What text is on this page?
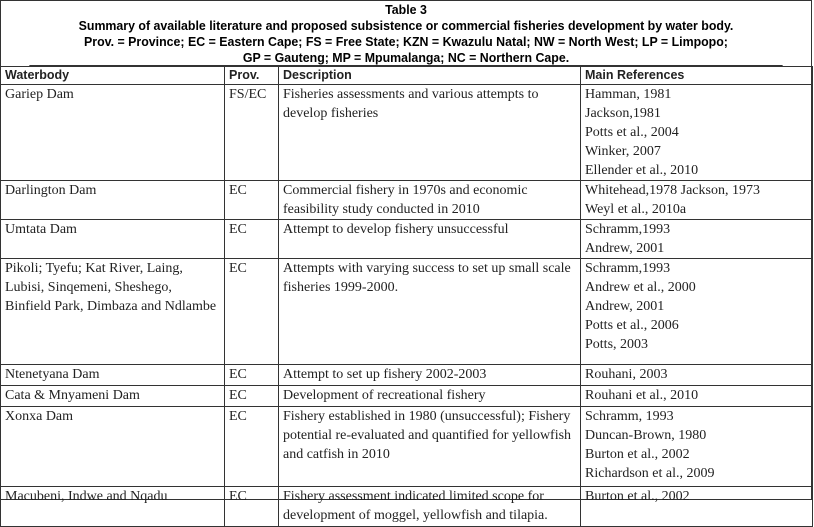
Table 3
Summary of available literature and proposed subsistence or commercial fisheries development by water body.
Prov. = Province; EC = Eastern Cape; FS = Free State; KZN = Kwazulu Natal; NW = North West; LP = Limpopo;
GP = Gauteng; MP = Mpumalanga; NC = Northern Cape.
Waterbody	Prov.	Description	Main References
Gariep Dam	FS/EC	Fisheries assessments and various attempts to develop fisheries	Hamman, 1981
Jackson,1981
Potts et al., 2004
Winker, 2007
Ellender et al., 2010

Darlington Dam	EC	Commercial fishery in 1970s and economic feasibility study conducted in 2010	Whitehead,1978 Jackson, 1973
Weyl et al., 2010a

Umtata Dam	EC	Attempt to develop fishery unsuccessful	Schramm,1993
Andrew, 2001

Pikoli; Tyefu; Kat River, Laing, Lubisi, Sinqemeni, Sheshego, Binfield Park, Dimbaza and Ndlambe	EC	Attempts with varying success to set up small scale fisheries 1999-2000.	Schramm,1993
Andrew et al., 2000
Andrew, 2001
Potts et al., 2006
Potts, 2003

Ntenetyana Dam	EC	Attempt to set up fishery 2002-2003	Rouhani, 2003

Cata & Mnyameni Dam	EC	Development of recreational fishery	Rouhani et al., 2010

Xonxa Dam	EC	Fishery established in 1980 (unsuccessful); Fishery potential re-evaluated and quantified for yellowfish and catfish in 2010	Schramm, 1993
Duncan-Brown, 1980
Burton et al., 2002
Richardson et al., 2009

Macubeni, Indwe and Nqadu	EC	Fishery assessment indicated limited scope for development of moggel, yellowfish and tilapia.	Burton et al., 2002
